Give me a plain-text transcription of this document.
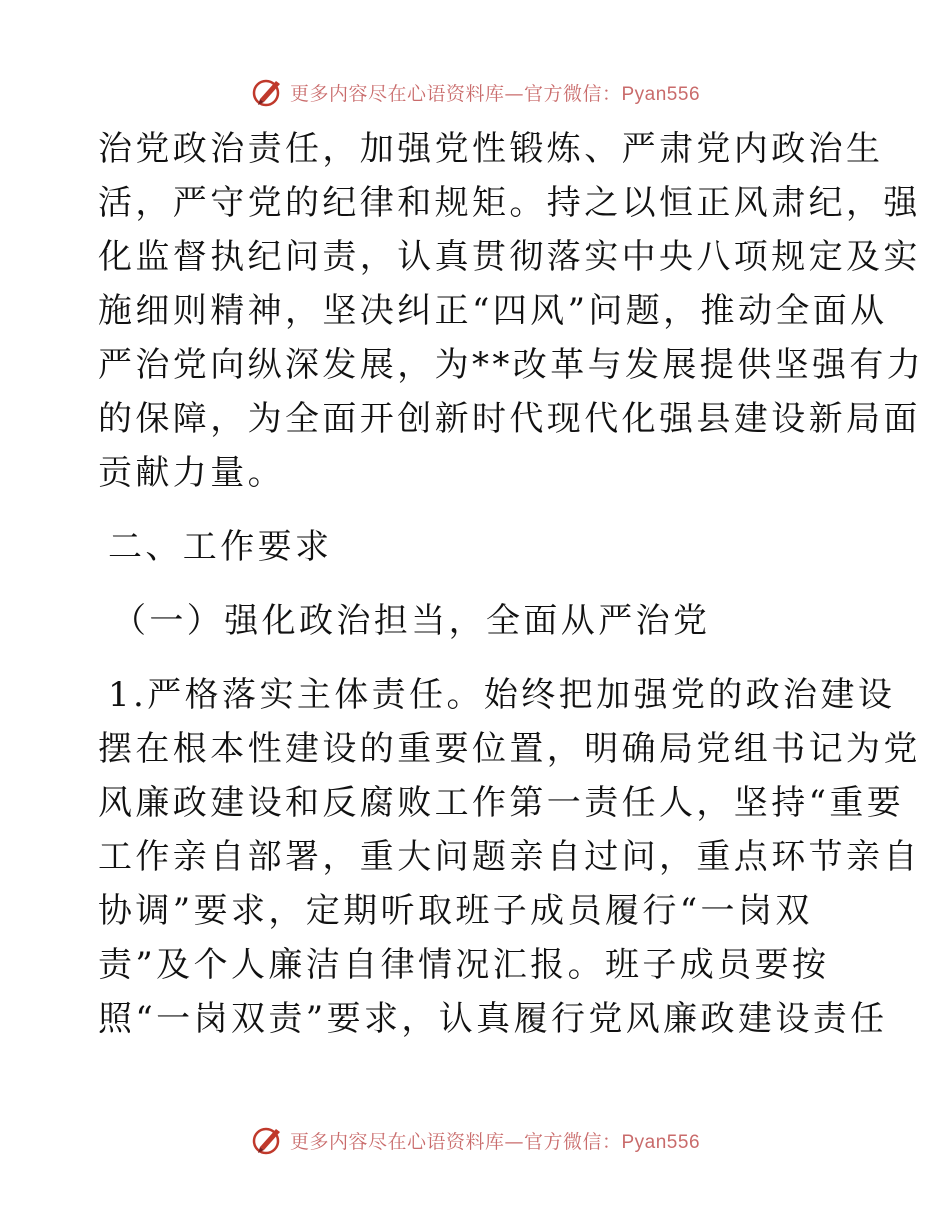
更多内容尽在心语资料库—官方微信：Pyan556
治党政治责任，加强党性锻炼、严肃党内政治生
活，严守党的纪律和规矩。持之以恒正风肃纪，强
化监督执纪问责，认真贯彻落实中央八项规定及实
施细则精神，坚决纠正“四风”问题，推动全面从
严治党向纵深发展，为**改革与发展提供坚强有力
的保障，为全面开创新时代现代化强县建设新局面
贡献力量。
二、工作要求
（一）强化政治担当，全面从严治党
1.严格落实主体责任。始终把加强党的政治建设
摆在根本性建设的重要位置，明确局党组书记为党
风廉政建设和反腐败工作第一责任人，坚持“重要
工作亲自部署，重大问题亲自过问，重点环节亲自
协调”要求，定期听取班子成员履行“一岗双
责”及个人廉洁自律情况汇报。班子成员要按
照“一岗双责”要求，认真履行党风廉政建设责任
更多内容尽在心语资料库—官方微信：Pyan556
